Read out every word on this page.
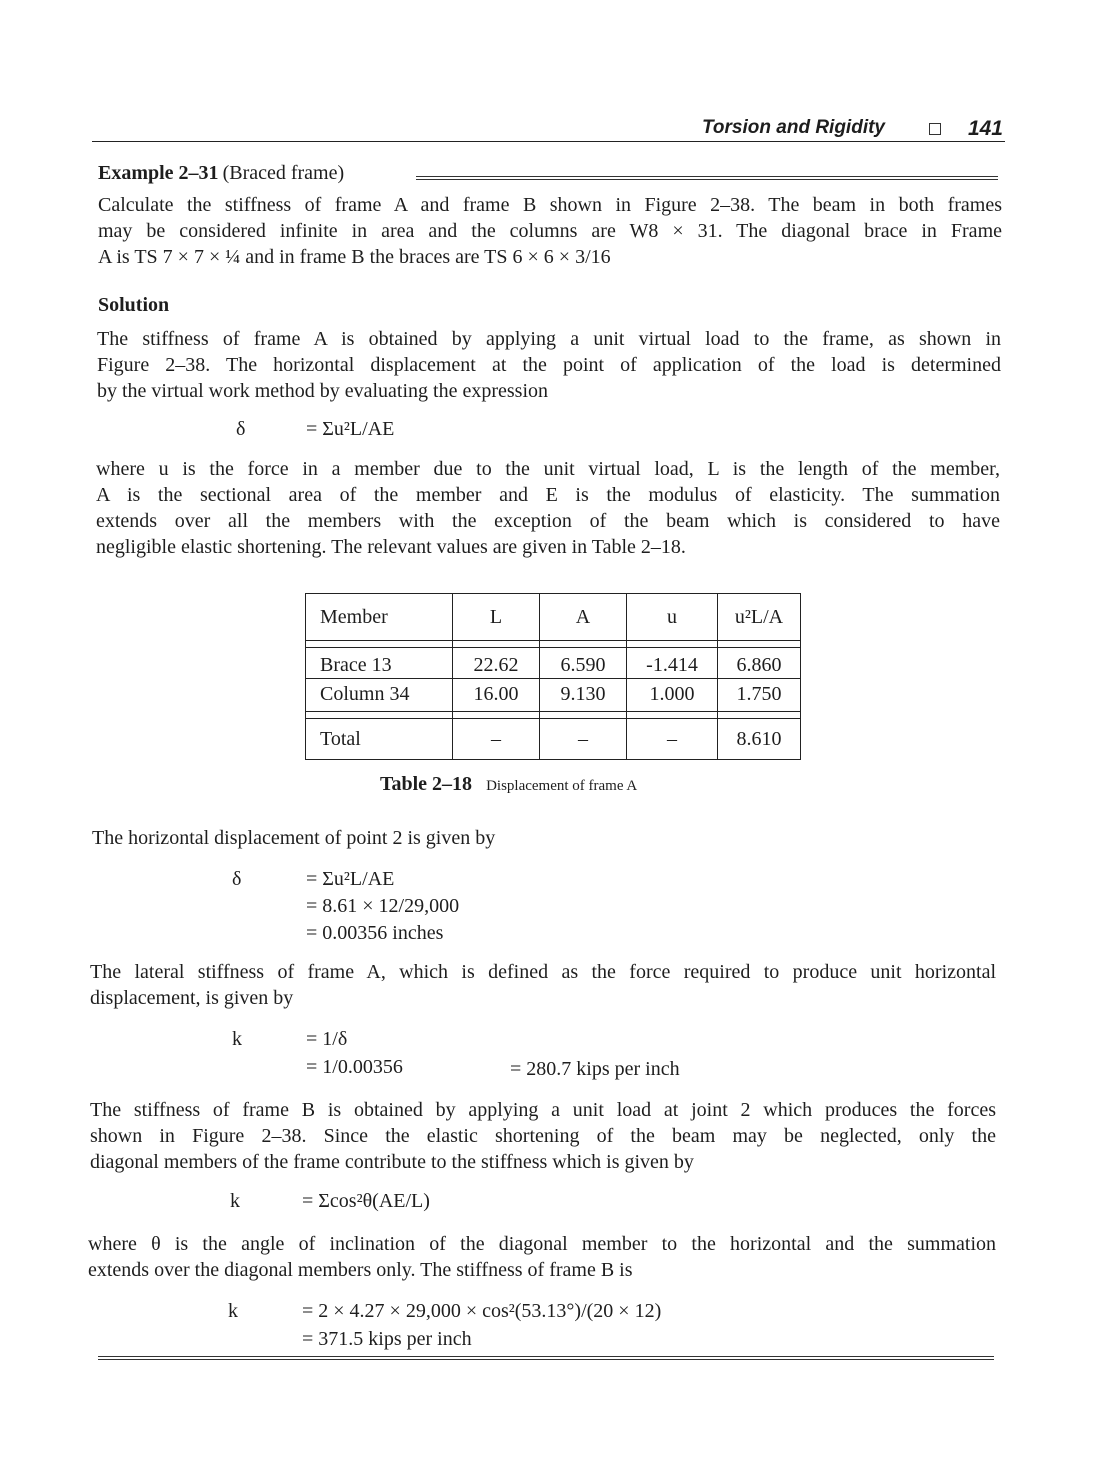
Torsion and Rigidity	141
Example 2–31 (Braced frame)
Calculate the stiffness of frame A and frame B shown in Figure 2–38. The beam in both frames
may be considered infinite in area and the columns are W8 × 31. The diagonal brace in Frame
A is TS 7 × 7 × ¼ and in frame B the braces are TS 6 × 6 × 3/16
Solution
The stiffness of frame A is obtained by applying a unit virtual load to the frame, as shown in
Figure 2–38. The horizontal displacement at the point of application of the load is determined
by the virtual work method by evaluating the expression
δ	= Σu²L/AE
where u is the force in a member due to the unit virtual load, L is the length of the member,
A is the sectional area of the member and E is the modulus of elasticity. The summation
extends over all the members with the exception of the beam which is considered to have
negligible elastic shortening. The relevant values are given in Table 2–18.
Member	L	A	u	u²L/A

Brace 13	22.62	6.590	-1.414	6.860
Column 34	16.00	9.130	1.000	1.750

Total	–	–	–	8.610
Table 2–18 Displacement of frame A
The horizontal displacement of point 2 is given by
δ	= Σu²L/AE
= 8.61 × 12/29,000
= 0.00356 inches
The lateral stiffness of frame A, which is defined as the force required to produce unit horizontal
displacement, is given by
k	= 1/δ
= 1/0.00356	= 280.7 kips per inch
The stiffness of frame B is obtained by applying a unit load at joint 2 which produces the forces
shown in Figure 2–38. Since the elastic shortening of the beam may be neglected, only the
diagonal members of the frame contribute to the stiffness which is given by
k	= Σcos²θ(AE/L)
where θ is the angle of inclination of the diagonal member to the horizontal and the summation
extends over the diagonal members only. The stiffness of frame B is
k	= 2 × 4.27 × 29,000 × cos²(53.13°)/(20 × 12)
= 371.5 kips per inch
